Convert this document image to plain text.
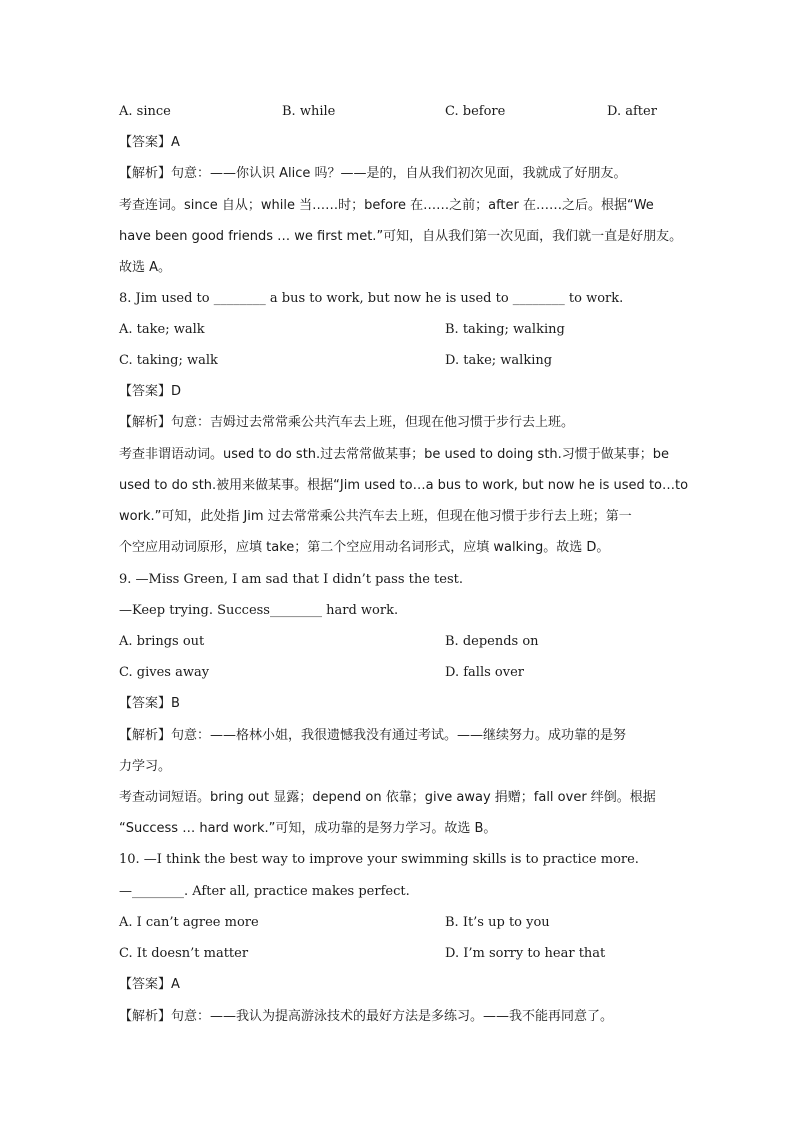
A. since	B. while	C. before	D. after
【答案】A
【解析】句意：——你认识 Alice 吗？——是的，自从我们初次见面，我就成了好朋友。
考查连词。since 自从；while 当……时；before 在……之前；after 在……之后。根据“We
have been good friends … we first met.”可知，自从我们第一次见面，我们就一直是好朋友。
故选 A。
8. Jim used to ________ a bus to work, but now he is used to ________ to work.
A. take; walk	B. taking; walking
C. taking; walk	D. take; walking
【答案】D
【解析】句意：吉姆过去常常乘公共汽车去上班，但现在他习惯于步行去上班。
考查非谓语动词。used to do sth.过去常常做某事；be used to doing sth.习惯于做某事；be
used to do sth.被用来做某事。根据“Jim used to…a bus to work, but now he is used to…to
work.”可知，此处指 Jim 过去常常乘公共汽车去上班，但现在他习惯于步行去上班；第一
个空应用动词原形，应填 take；第二个空应用动名词形式，应填 walking。故选 D。
9. —Miss Green, I am sad that I didn’t pass the test.
—Keep trying. Success________ hard work.
A. brings out	B. depends on
C. gives away	D. falls over
【答案】B
【解析】句意：——格林小姐，我很遗憾我没有通过考试。——继续努力。成功靠的是努
力学习。
考查动词短语。bring out 显露；depend on 依靠；give away 捐赠；fall over 绊倒。根据
“Success … hard work.”可知，成功靠的是努力学习。故选 B。
10. —I think the best way to improve your swimming skills is to practice more.
—________. After all, practice makes perfect.
A. I can’t agree more	B. It’s up to you
C. It doesn’t matter	D. I’m sorry to hear that
【答案】A
【解析】句意：——我认为提高游泳技术的最好方法是多练习。——我不能再同意了。
